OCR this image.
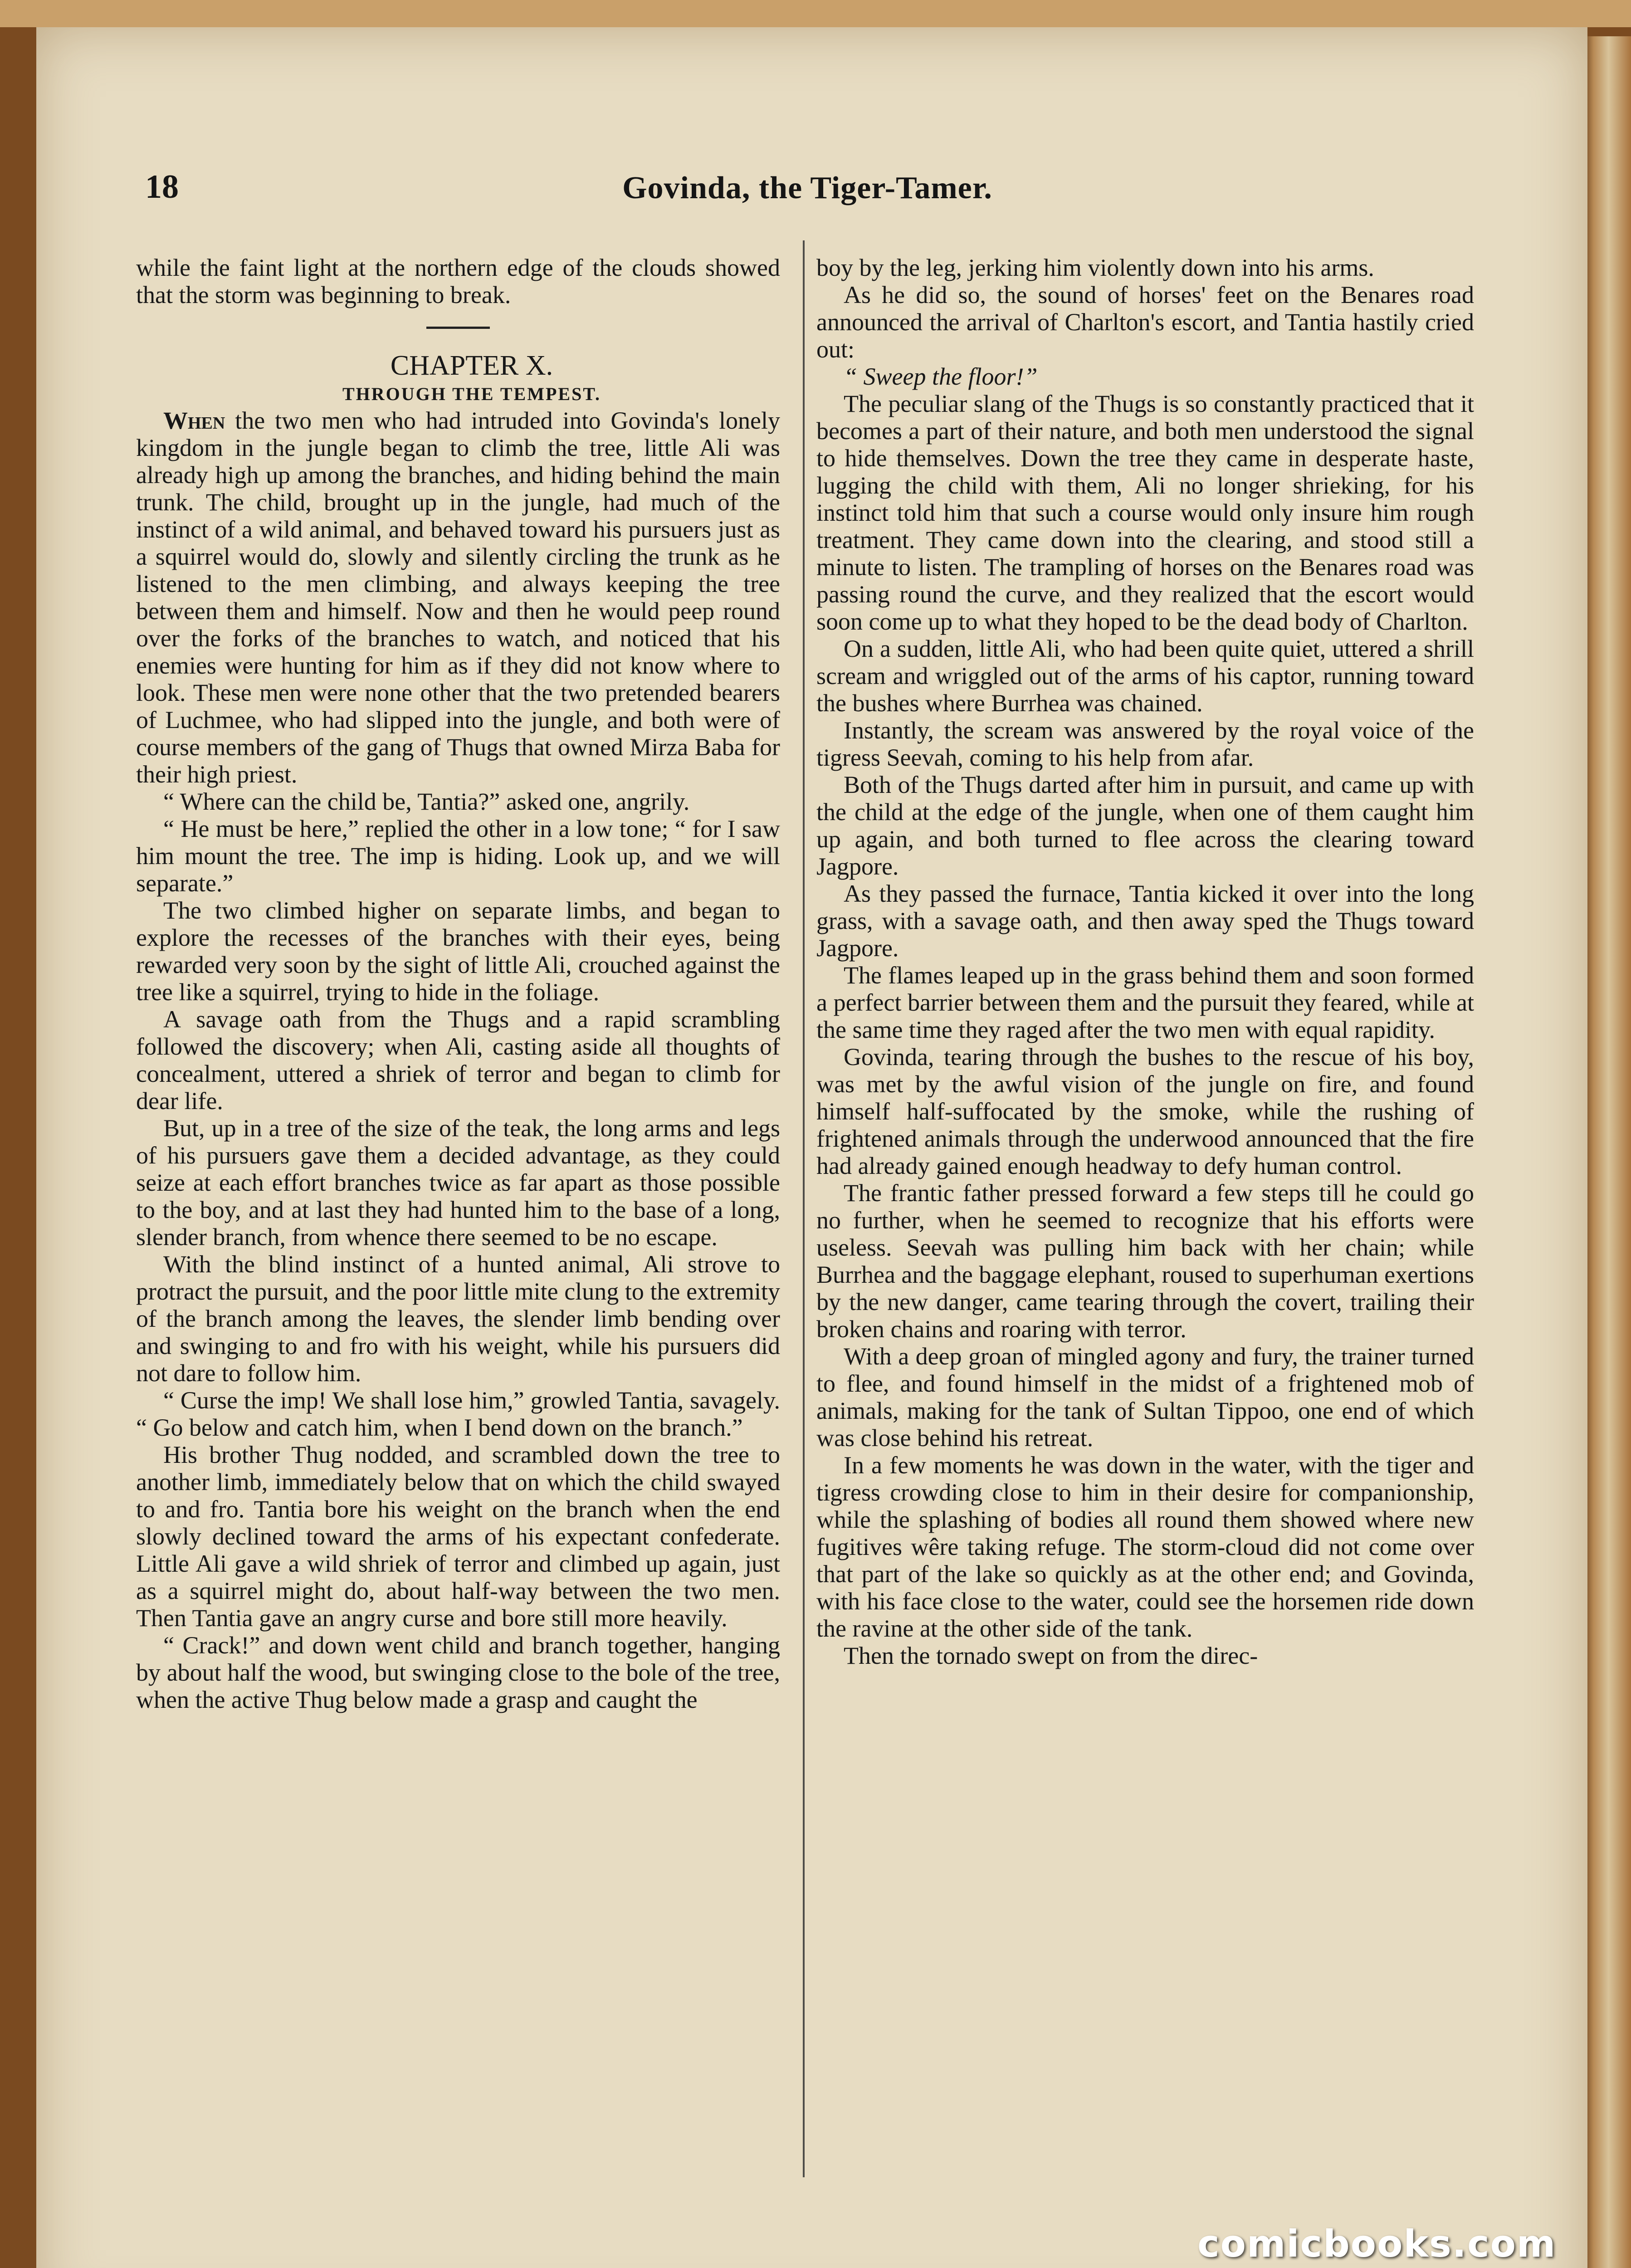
18	Govinda, the Tiger-Tamer.

while the faint light at the northern edge of the clouds showed that the storm was beginning to break.

CHAPTER X.

THROUGH THE TEMPEST.

When the two men who had intruded into Govinda's lonely kingdom in the jungle began to climb the tree, little Ali was already high up among the branches, and hiding behind the main trunk. The child, brought up in the jungle, had much of the instinct of a wild animal, and behaved toward his pursuers just as a squirrel would do, slowly and silently circling the trunk as he listened to the men climbing, and always keeping the tree between them and himself. Now and then he would peep round over the forks of the branches to watch, and noticed that his enemies were hunting for him as if they did not know where to look. These men were none other that the two pretended bearers of Luchmee, who had slipped into the jungle, and both were of course members of the gang of Thugs that owned Mirza Baba for their high priest.

“ Where can the child be, Tantia?” asked one, angrily.

“ He must be here,” replied the other in a low tone; “ for I saw him mount the tree. The imp is hiding. Look up, and we will separate.”

The two climbed higher on separate limbs, and began to explore the recesses of the branches with their eyes, being rewarded very soon by the sight of little Ali, crouched against the tree like a squirrel, trying to hide in the foliage.

A savage oath from the Thugs and a rapid scrambling followed the discovery; when Ali, casting aside all thoughts of concealment, uttered a shriek of terror and began to climb for dear life.

But, up in a tree of the size of the teak, the long arms and legs of his pursuers gave them a decided advantage, as they could seize at each effort branches twice as far apart as those possible to the boy, and at last they had hunted him to the base of a long, slender branch, from whence there seemed to be no escape.

With the blind instinct of a hunted animal, Ali strove to protract the pursuit, and the poor little mite clung to the extremity of the branch among the leaves, the slender limb bending over and swinging to and fro with his weight, while his pursuers did not dare to follow him.

“ Curse the imp! We shall lose him,” growled Tantia, savagely. “ Go below and catch him, when I bend down on the branch.”

His brother Thug nodded, and scrambled down the tree to another limb, immediately below that on which the child swayed to and fro. Tantia bore his weight on the branch when the end slowly declined toward the arms of his expectant confederate. Little Ali gave a wild shriek of terror and climbed up again, just as a squirrel might do, about half-way between the two men. Then Tantia gave an angry curse and bore still more heavily.

“ Crack!” and down went child and branch together, hanging by about half the wood, but swinging close to the bole of the tree, when the active Thug below made a grasp and caught the

boy by the leg, jerking him violently down into his arms.

As he did so, the sound of horses' feet on the Benares road announced the arrival of Charlton's escort, and Tantia hastily cried out:

“ Sweep the floor!”

The peculiar slang of the Thugs is so constantly practiced that it becomes a part of their nature, and both men understood the signal to hide themselves. Down the tree they came in desperate haste, lugging the child with them, Ali no longer shrieking, for his instinct told him that such a course would only insure him rough treatment. They came down into the clearing, and stood still a minute to listen. The trampling of horses on the Benares road was passing round the curve, and they realized that the escort would soon come up to what they hoped to be the dead body of Charlton.

On a sudden, little Ali, who had been quite quiet, uttered a shrill scream and wriggled out of the arms of his captor, running toward the bushes where Burrhea was chained.

Instantly, the scream was answered by the royal voice of the tigress Seevah, coming to his help from afar.

Both of the Thugs darted after him in pursuit, and came up with the child at the edge of the jungle, when one of them caught him up again, and both turned to flee across the clearing toward Jagpore.

As they passed the furnace, Tantia kicked it over into the long grass, with a savage oath, and then away sped the Thugs toward Jagpore.

The flames leaped up in the grass behind them and soon formed a perfect barrier between them and the pursuit they feared, while at the same time they raged after the two men with equal rapidity.

Govinda, tearing through the bushes to the rescue of his boy, was met by the awful vision of the jungle on fire, and found himself half-suffocated by the smoke, while the rushing of frightened animals through the underwood announced that the fire had already gained enough headway to defy human control.

The frantic father pressed forward a few steps till he could go no further, when he seemed to recognize that his efforts were useless. Seevah was pulling him back with her chain; while Burrhea and the baggage elephant, roused to superhuman exertions by the new danger, came tearing through the covert, trailing their broken chains and roaring with terror.

With a deep groan of mingled agony and fury, the trainer turned to flee, and found himself in the midst of a frightened mob of animals, making for the tank of Sultan Tippoo, one end of which was close behind his retreat.

In a few moments he was down in the water, with the tiger and tigress crowding close to him in their desire for companionship, while the splashing of bodies all round them showed where new fugitives wêre taking refuge. The storm-cloud did not come over that part of the lake so quickly as at the other end; and Govinda, with his face close to the water, could see the horsemen ride down the ravine at the other side of the tank.

Then the tornado swept on from the direc-

comicbooks.com
